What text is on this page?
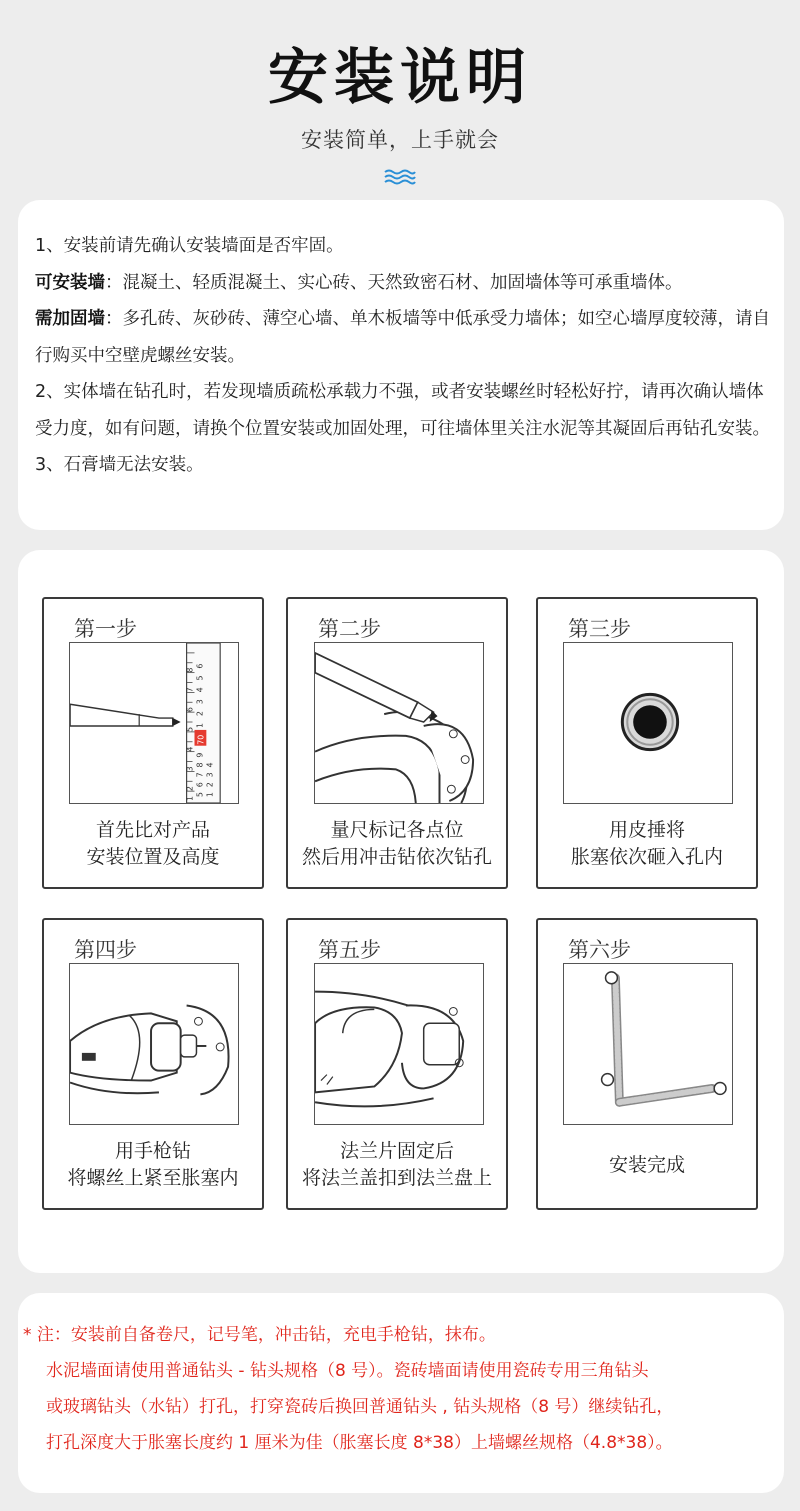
安装说明
安装简单，上手就会

1、安装前请先确认安装墙面是否牢固。

可安装墙：混凝土、轻质混凝土、实心砖、天然致密石材、加固墙体等可承重墙体。

需加固墙：多孔砖、灰砂砖、薄空心墙、单木板墙等中低承受力墙体；如空心墙厚度较薄，请自行购买中空壁虎螺丝安装。

2、实体墙在钻孔时，若发现墙质疏松承载力不强，或者安装螺丝时轻松好拧，请再次确认墙体受力度，如有问题，请换个位置安装或加固处理，可往墙体里关注水泥等其凝固后再钻孔安装。

3、石膏墙无法安装。

第一步
6
5
4
3
2
1
70
9
8
7
6
5
4
3
2
1
8
7
6
5
4
3
2
1
首先比对产品
安装位置及高度
第二步
量尺标记各点位
然后用冲击钻依次钻孔
第三步
用皮捶将
胀塞依次砸入孔内
第四步
用手枪钻
将螺丝上紧至胀塞内
第五步
法兰片固定后
将法兰盖扣到法兰盘上
第六步
安装完成

* 注：安装前自备卷尺，记号笔，冲击钻，充电手枪钻，抹布。

水泥墙面请使用普通钻头 - 钻头规格（8 号）。瓷砖墙面请使用瓷砖专用三角钻头

或玻璃钻头（水钻）打孔，打穿瓷砖后换回普通钻头 , 钻头规格（8 号）继续钻孔，

打孔深度大于胀塞长度约 1 厘米为佳（胀塞长度 8*38）上墙螺丝规格（4.8*38）。
